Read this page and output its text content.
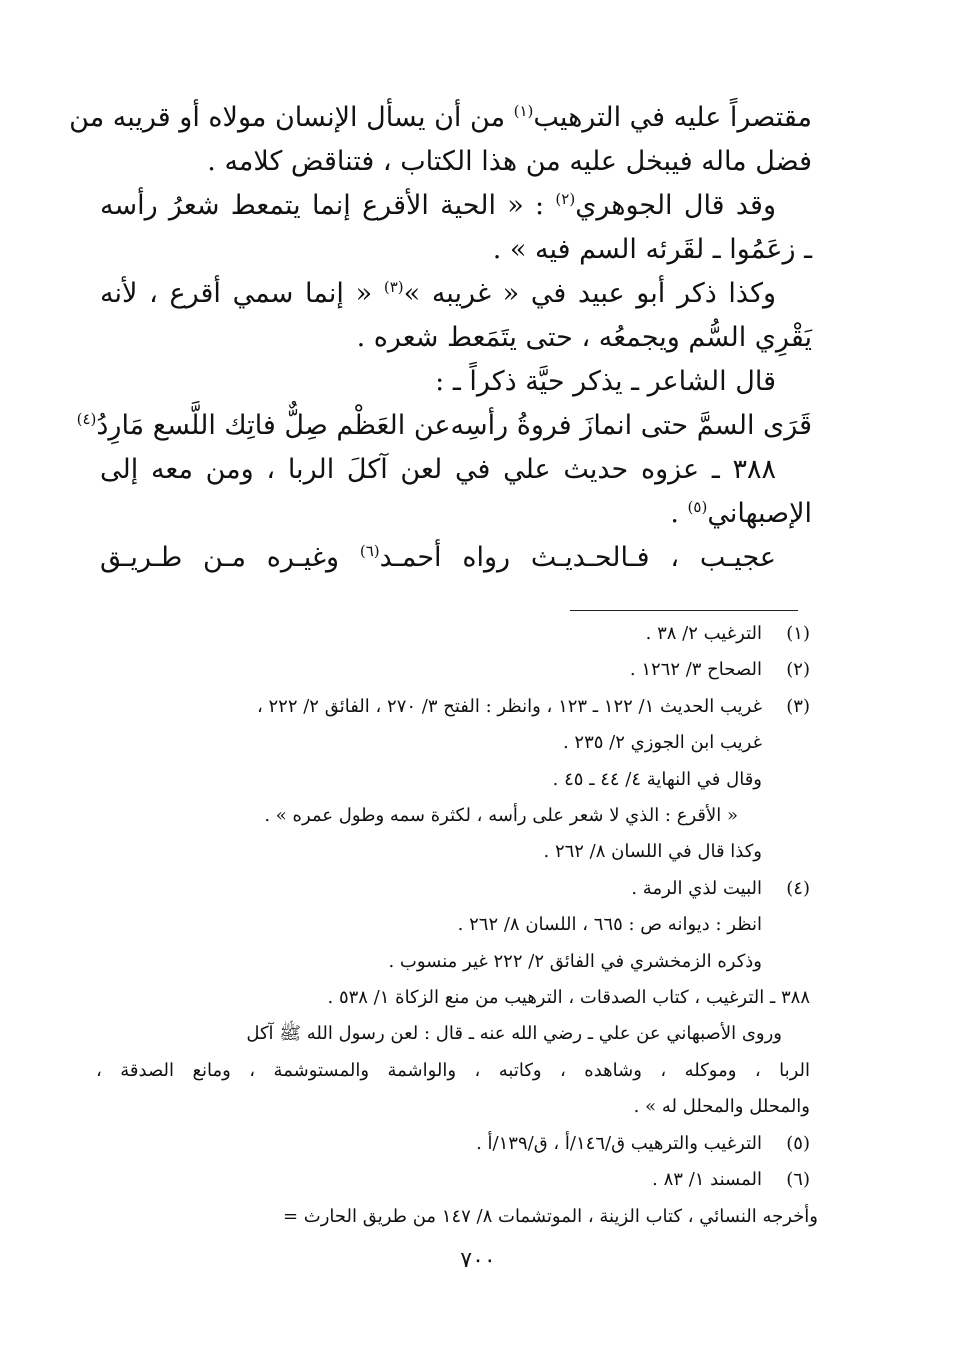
مقتصراً عليه في الترهيب$^{(١)}$ من أن يسأل الإنسان مولاه أو قريبه من
فضل ماله فيبخل عليه من هذا الكتاب ، فتناقض كلامه .
وقد قال الجوهري$^{(٢)}$ : « الحية الأقرع إنما يتمعط شعرُ رأسه
ـ زعَمُوا ـ لقَرئه السم فيه » .
وكذا ذكر أبو عبيد في « غريبه »$^{(٣)}$ « إنما سمي أقرع ، لأنه
يَقْرِي السُّم ويجمعُه ، حتى يتَمَعط شعره .
قال الشاعر ـ يذكر حيَّة ذكراً ـ :
قَرَى السمَّ حتى انمازَ فروةُ رأسِه
عن العَظْم صِلٌّ فاتِك اللَّسع مَارِدُ$^{(٤)}$
٣٨٨ ـ عزوه حديث علي في لعن آكلَ الربا ، ومن معه إلى
الإصبهاني$^{(٥)}$ .
عجيـب ، فـالحـديـث رواه أحمـد$^{(٦)}$ وغيـره مـن طـريـق
(١)الترغيب ٢/ ٣٨ .
(٢)الصحاح ٣/ ١٢٦٢ .
(٣)غريب الحديث ١/ ١٢٢ ـ ١٢٣ ، وانظر : الفتح ٣/ ٢٧٠ ، الفائق ٢/ ٢٢٢ ،
غريب ابن الجوزي ٢/ ٢٣٥ .
وقال في النهاية ٤/ ٤٤ ـ ٤٥ .
« الأقرع : الذي لا شعر على رأسه ، لكثرة سمه وطول عمره » .
وكذا قال في اللسان ٨/ ٢٦٢ .
(٤)البيت لذي الرمة .
انظر : ديوانه ص : ٦٦٥ ، اللسان ٨/ ٢٦٢ .
وذكره الزمخشري في الفائق ٢/ ٢٢٢ غير منسوب .
٣٨٨ ـ الترغيب ، كتاب الصدقات ، الترهيب من منع الزكاة ١/ ٥٣٨ .
وروى الأصبهاني عن علي ـ رضي الله عنه ـ قال : لعن رسول الله ﷺ آكل
الربا ، وموكله ، وشاهده ، وكاتبه ، والواشمة والمستوشمة ، ومانع الصدقة ،
والمحلل والمحلل له » .
(٥)الترغيب والترهيب ق/١٤٦/أ ، ق/١٣٩/أ .
(٦)المسند ١/ ٨٣ .
وأخرجه النسائي ، كتاب الزينة ، الموتشمات ٨/ ١٤٧ من طريق الحارث =
٧٠٠
